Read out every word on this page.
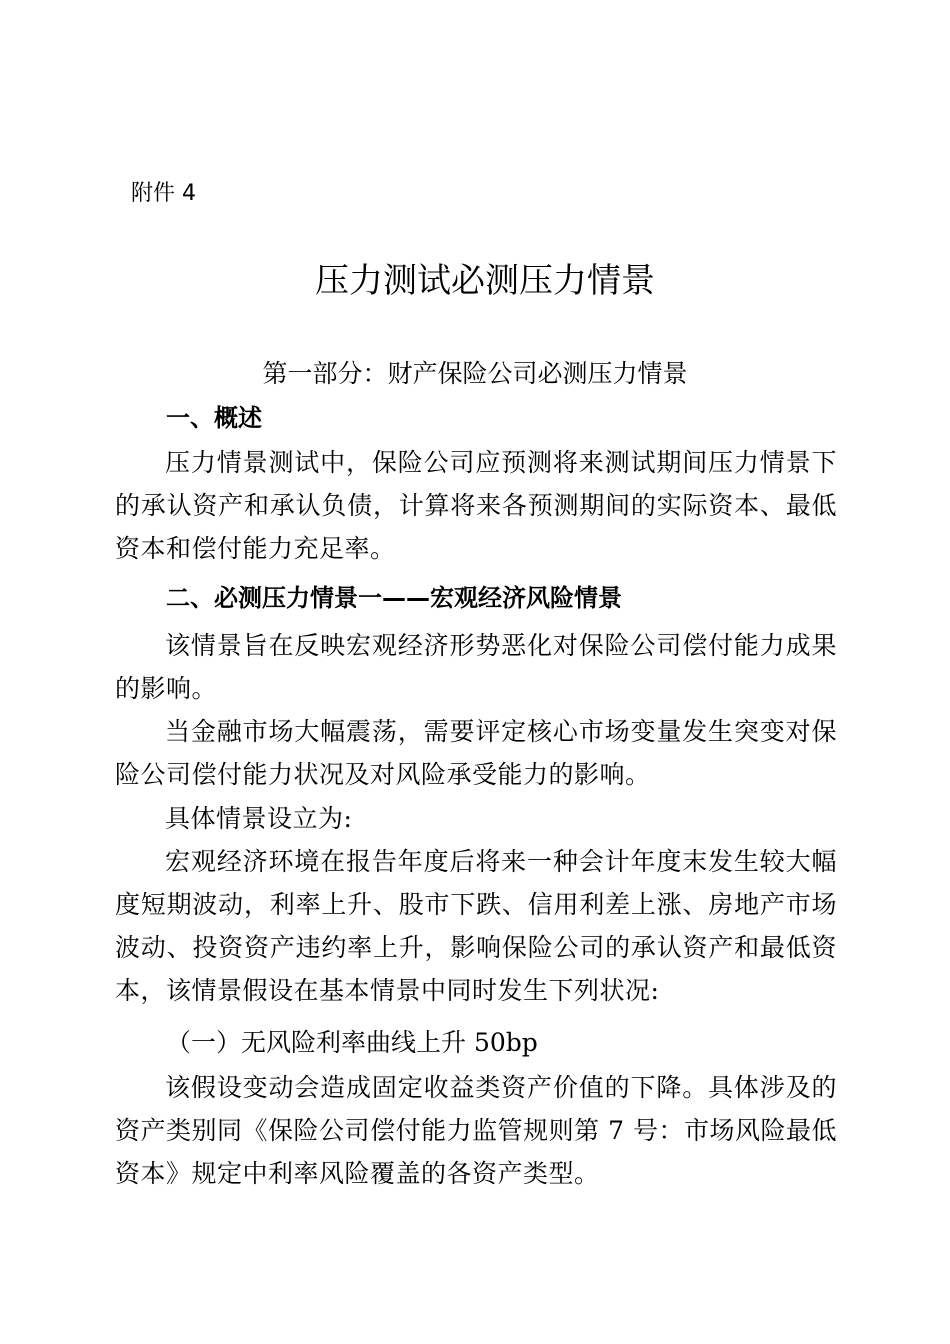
附件 4
压力测试必测压力情景
第一部分：财产保险公司必测压力情景
一、概述
压力情景测试中，保险公司应预测将来测试期间压力情景下的承认资产和承认负债，计算将来各预测期间的实际资本、最低资本和偿付能力充足率。
二、必测压力情景一——宏观经济风险情景
该情景旨在反映宏观经济形势恶化对保险公司偿付能力成果的影响。
当金融市场大幅震荡，需要评定核心市场变量发生突变对保险公司偿付能力状况及对风险承受能力的影响。
具体情景设立为:
宏观经济环境在报告年度后将来一种会计年度末发生较大幅度短期波动，利率上升、股市下跌、信用利差上涨、房地产市场波动、投资资产违约率上升，影响保险公司的承认资产和最低资本，该情景假设在基本情景中同时发生下列状况:
（一）无风险利率曲线上升 50bp
该假设变动会造成固定收益类资产价值的下降。具体涉及的资产类别同《保险公司偿付能力监管规则第 7 号：市场风险最低资本》规定中利率风险覆盖的各资产类型。
